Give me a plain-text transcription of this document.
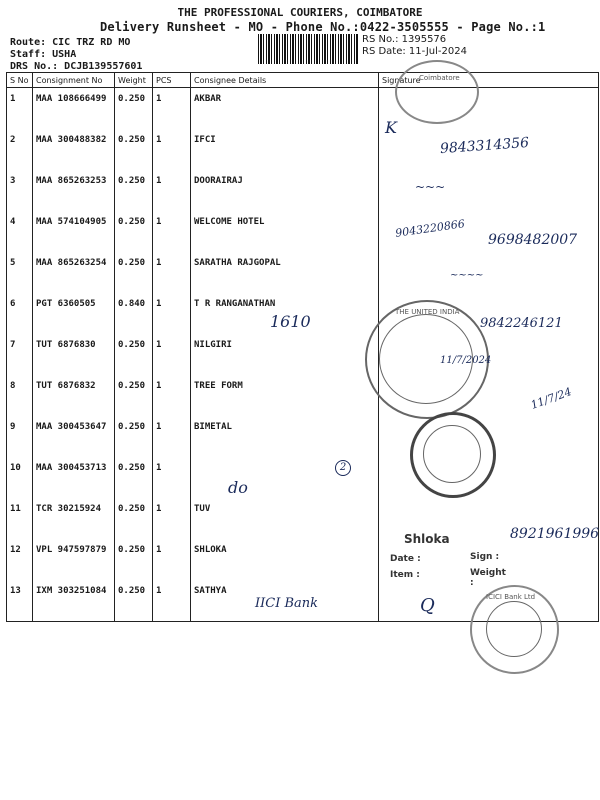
THE PROFESSIONAL COURIERS, COIMBATORE
Delivery Runsheet - MO - Phone No.:0422-3505555 - Page No.:1
Route: CIC TRZ RD MO
Staff: USHA
DRS No.: DCJB139557601
RS No.: 1395576
RS Date: 11-Jul-2024
S No	Consignment No	Weight	PCS	Consignee Details	Signature
1	MAA 108666499	0.250	1	AKBAR	
2	MAA 300488382	0.250	1	IFCI	
3	MAA 865263253	0.250	1	DOORAIRAJ	
4	MAA 574104905	0.250	1	WELCOME HOTEL	
5	MAA 865263254	0.250	1	SARATHA RAJGOPAL	
6	PGT 6360505	0.840	1	T R RANGANATHAN	
7	TUT 6876830	0.250	1	NILGIRI	
8	TUT 6876832	0.250	1	TREE FORM	
9	MAA 300453647	0.250	1	BIMETAL	
10	MAA 300453713	0.250	1		
11	TCR 30215924	0.250	1	TUV	
12	VPL 947597879	0.250	1	SHLOKA	
13	IXM 303251084	0.250	1	SATHYA	
Coimbatore
THE UNITED INDIA
Shloka
Date :	Sign :
Item :	Weight :
ICICI Bank Ltd
9843314356
K
~~~
9043220866
9698482007
~~~~
1610	9842246121
11/7/2024
11/7/24
2
do
8921961996
IICI Bank	Q
